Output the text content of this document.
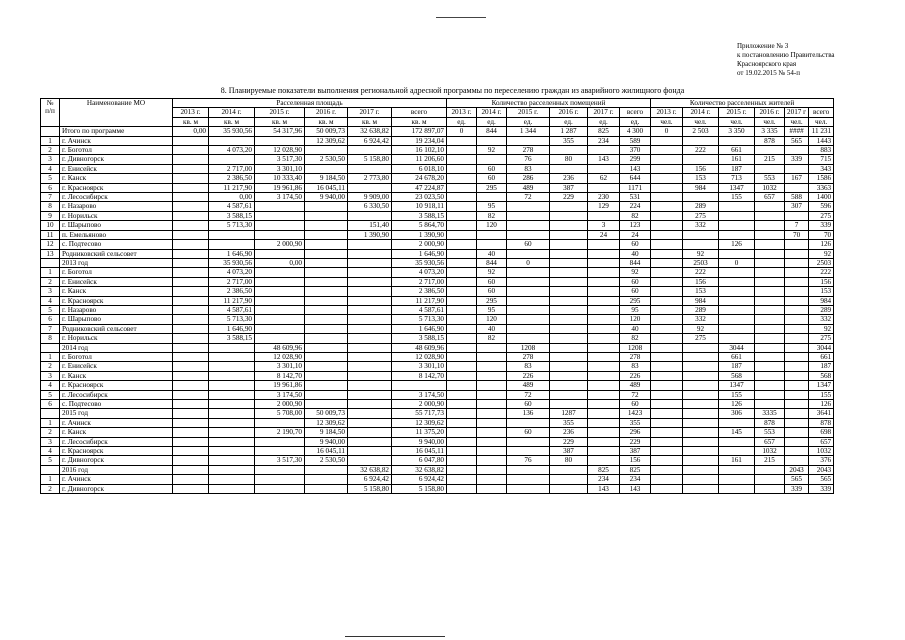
Приложение № 3
к постановлению Правительства
Красноярского края
от 19.02.2015 № 54-п
8. Планируемые показатели выполнения региональной адресной программы по переселению граждан из аварийного жилищного фонда
№ п/п	Наименование МО	Расселенная площадь						Количество расселенных помещений						Количество расселенных жителей					
		2013 г.	2014 г.	2015 г.	2016 г.	2017 г.	всего	2013 г.	2014 г.	2015 г.	2016 г.	2017 г.	всего	2013 г.	2014 г.	2015 г.	2016 г.	2017 г	всего
		кв. м	кв. м	кв. м	кв. м	кв. м	кв. м	ед.	ед.	ед.	ед.	ед.	ед.	чел.	чел.	чел.	чел.	чел.	чел.
	Итого по программе	0,00	35 930,56	54 317,96	50 009,73	32 638,82	172 897,07	0	844	1 344	1 287	825	4 300	0	2 503	3 350	3 335	####	11 231
1	г. Ачинск				12 309,62	6 924,42	19 234,04				355	234	589				878	565	1443
2	г. Боготол		4 073,20	12 028,90			16 102,10		92	278			370		222	661			883
3	г. Дивногорск			3 517,30	2 530,50	5 158,80	11 206,60			76	80	143	299			161	215	339	715
4	г. Енисейск		2 717,00	3 301,10			6 018,10		60	83			143		156	187			343
5	г. Канск		2 386,50	10 333,40	9 184,50	2 773,80	24 678,20		60	286	236	62	644		153	713	553	167	1586
6	г. Красноярск		11 217,90	19 961,86	16 045,11		47 224,87		295	489	387		1171		984	1347	1032		3363
7	г. Лесосибирск		0,00	3 174,50	9 940,00	9 909,00	23 023,50			72	229	230	531			155	657	588	1400
8	г. Назарово		4 587,61			6 330,50	10 918,11		95			129	224		289			307	596
9	г. Норильск		3 588,15				3 588,15		82				82		275				275
10	г. Шарыпово		5 713,30			151,40	5 864,70		120			3	123		332			7	339
11	п. Емельяново					1 390,90	1 390,90					24	24					70	70
12	с. Подтесово			2 000,90			2 000,90			60			60			126			126
13	Родниковский сельсовет		1 646,90				1 646,90		40				40		92				92
	2013 год		35 930,56	0,00			35 930,56		844	0			844		2503	0			2503
1	г. Боготол		4 073,20				4 073,20		92				92		222				222
2	г. Енисейск		2 717,00				2 717,00		60				60		156				156
3	г. Канск		2 386,50				2 386,50		60				60		153				153
4	г. Красноярск		11 217,90				11 217,90		295				295		984				984
5	г. Назарово		4 587,61				4 587,61		95				95		289				289
6	г. Шарыпово		5 713,30				5 713,30		120				120		332				332
7	Родниковский сельсовет		1 646,90				1 646,90		40				40		92				92
8	г. Норильск		3 588,15				3 588,15		82				82		275				275
	2014 год			48 609,96			48 609,96			1208			1208			3044			3044
1	г. Боготол			12 028,90			12 028,90			278			278			661			661
2	г. Енисейск			3 301,10			3 301,10			83			83			187			187
3	г. Канск			8 142,70			8 142,70			226			226			568			568
4	г. Красноярск			19 961,86						489			489			1347			1347
5	г. Лесосибирск			3 174,50			3 174,50			72			72			155			155
6	с. Подтесово			2 000,90			2 000,90			60			60			126			126
	2015 год			5 708,00	50 009,73		55 717,73			136	1287		1423			306	3335		3641
1	г. Ачинск				12 309,62		12 309,62				355		355				878		878
2	г. Канск			2 190,70	9 184,50		11 375,20			60	236		296			145	553		698
3	г. Лесосибирск				9 940,00		9 940,00				229		229				657		657
4	г. Красноярск				16 045,11		16 045,11				387		387				1032		1032
5	г. Дивногорск			3 517,30	2 530,50		6 047,80			76	80		156			161	215		376
	2016 год					32 638,82	32 638,82					825	825					2043	2043
1	г. Ачинск					6 924,42	6 924,42					234	234					565	565
2	г. Дивногорск					5 158,80	5 158,80					143	143					339	339
